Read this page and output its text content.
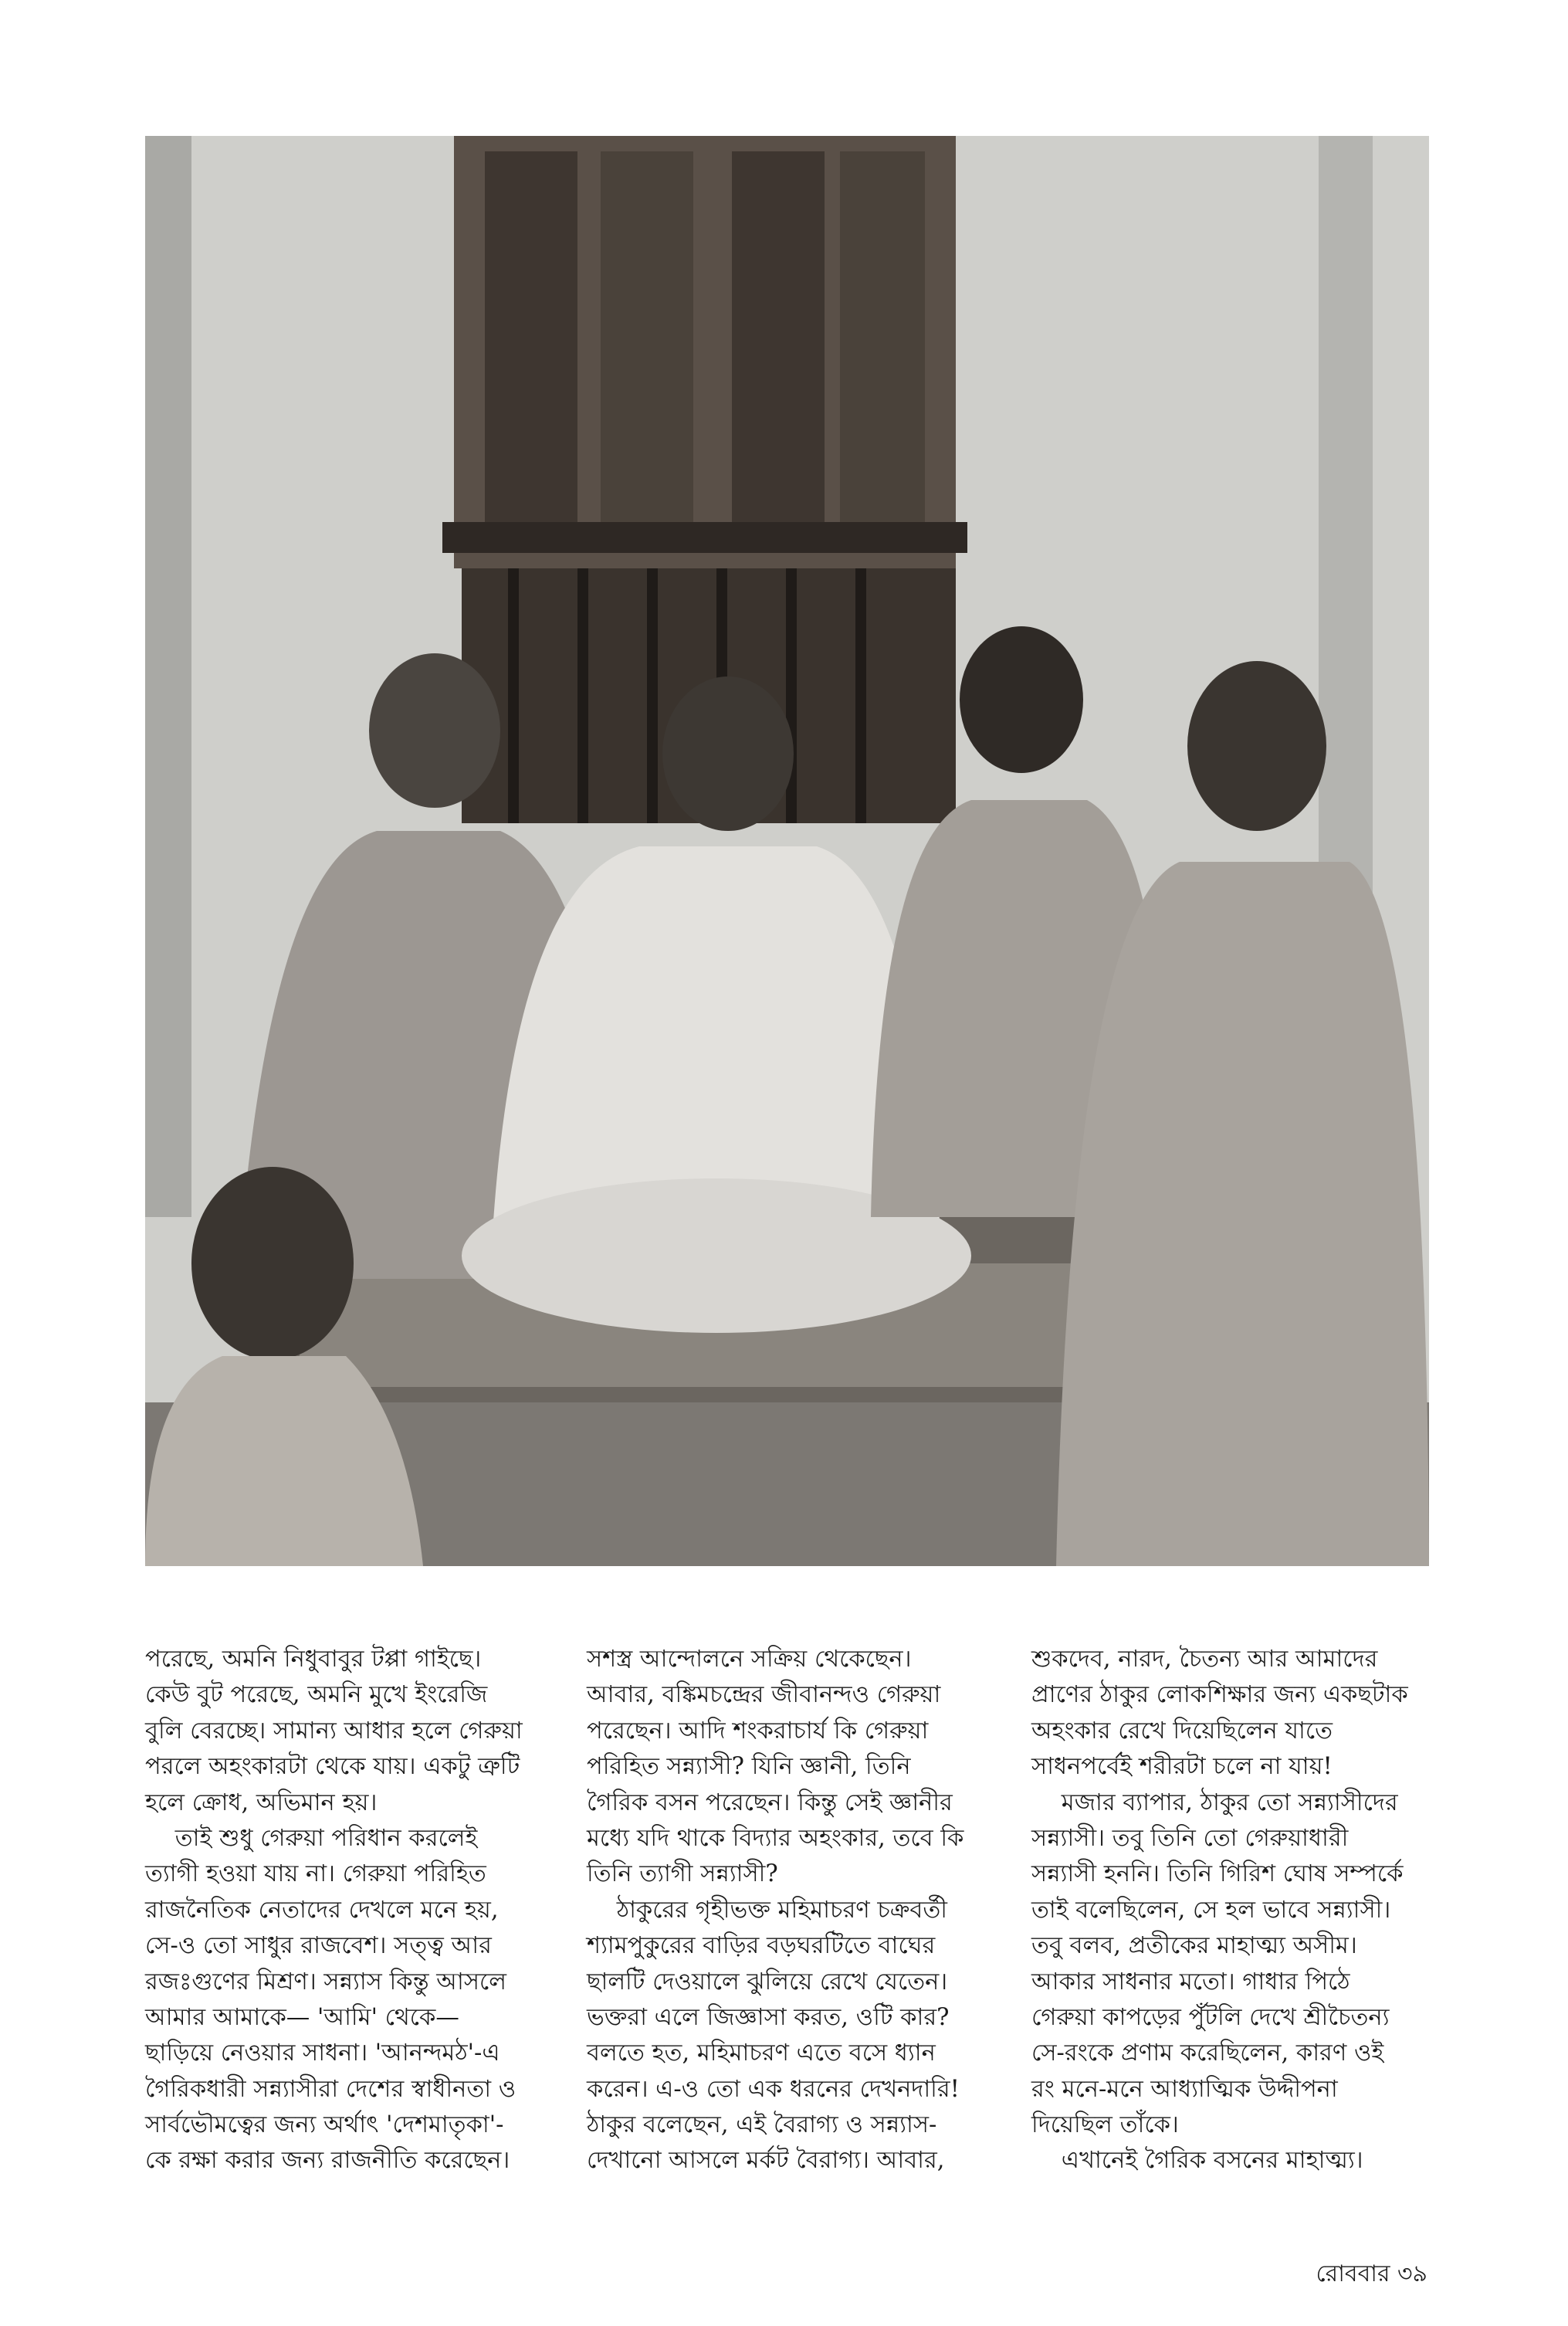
পরেছে, অমনি নিধুবাবুর টপ্পা গাইছে।
কেউ বুট পরেছে, অমনি মুখে ইংরেজি
বুলি বেরচ্ছে। সামান্য আধার হলে গেরুয়া
পরলে অহংকারটা থেকে যায়। একটু ত্রুটি
হলে ক্রোধ, অভিমান হয়।
তাই শুধু গেরুয়া পরিধান করলেই
ত্যাগী হওয়া যায় না। গেরুয়া পরিহিত
রাজনৈতিক নেতাদের দেখলে মনে হয়,
সে-ও তো সাধুর রাজবেশ। সত্ত্ব আর
রজঃগুণের মিশ্রণ। সন্ন্যাস কিন্তু আসলে
আমার আমাকে— 'আমি' থেকে—
ছাড়িয়ে নেওয়ার সাধনা। 'আনন্দমঠ'-এ
গৈরিকধারী সন্ন্যাসীরা দেশের স্বাধীনতা ও
সার্বভৌমত্বের জন্য অর্থাৎ 'দেশমাতৃকা'-
কে রক্ষা করার জন্য রাজনীতি করেছেন।
সশস্ত্র আন্দোলনে সক্রিয় থেকেছেন।
আবার, বঙ্কিমচন্দ্রের জীবানন্দও গেরুয়া
পরেছেন। আদি শংকরাচার্য কি গেরুয়া
পরিহিত সন্ন্যাসী? যিনি জ্ঞানী, তিনি
গৈরিক বসন পরেছেন। কিন্তু সেই জ্ঞানীর
মধ্যে যদি থাকে বিদ্যার অহংকার, তবে কি
তিনি ত্যাগী সন্ন্যাসী?
ঠাকুরের গৃহীভক্ত মহিমাচরণ চক্রবর্তী
শ্যামপুকুরের বাড়ির বড়ঘরটিতে বাঘের
ছালটি দেওয়ালে ঝুলিয়ে রেখে যেতেন।
ভক্তরা এলে জিজ্ঞাসা করত, ওটি কার?
বলতে হত, মহিমাচরণ এতে বসে ধ্যান
করেন। এ-ও তো এক ধরনের দেখনদারি!
ঠাকুর বলেছেন, এই বৈরাগ্য ও সন্ন্যাস-
দেখানো আসলে মর্কট বৈরাগ্য। আবার,
শুকদেব, নারদ, চৈতন্য আর আমাদের
প্রাণের ঠাকুর লোকশিক্ষার জন্য একছটাক
অহংকার রেখে দিয়েছিলেন যাতে
সাধনপর্বেই শরীরটা চলে না যায়!
মজার ব্যাপার, ঠাকুর তো সন্ন্যাসীদের
সন্ন্যাসী। তবু তিনি তো গেরুয়াধারী
সন্ন্যাসী হননি। তিনি গিরিশ ঘোষ সম্পর্কে
তাই বলেছিলেন, সে হল ভাবে সন্ন্যাসী।
তবু বলব, প্রতীকের মাহাত্ম্য অসীম।
আকার সাধনার মতো। গাধার পিঠে
গেরুয়া কাপড়ের পুঁটলি দেখে শ্রীচৈতন্য
সে-রংকে প্রণাম করেছিলেন, কারণ ওই
রং মনে-মনে আধ্যাত্মিক উদ্দীপনা
দিয়েছিল তাঁকে।
এখানেই গৈরিক বসনের মাহাত্ম্য।
রোববার ৩৯
